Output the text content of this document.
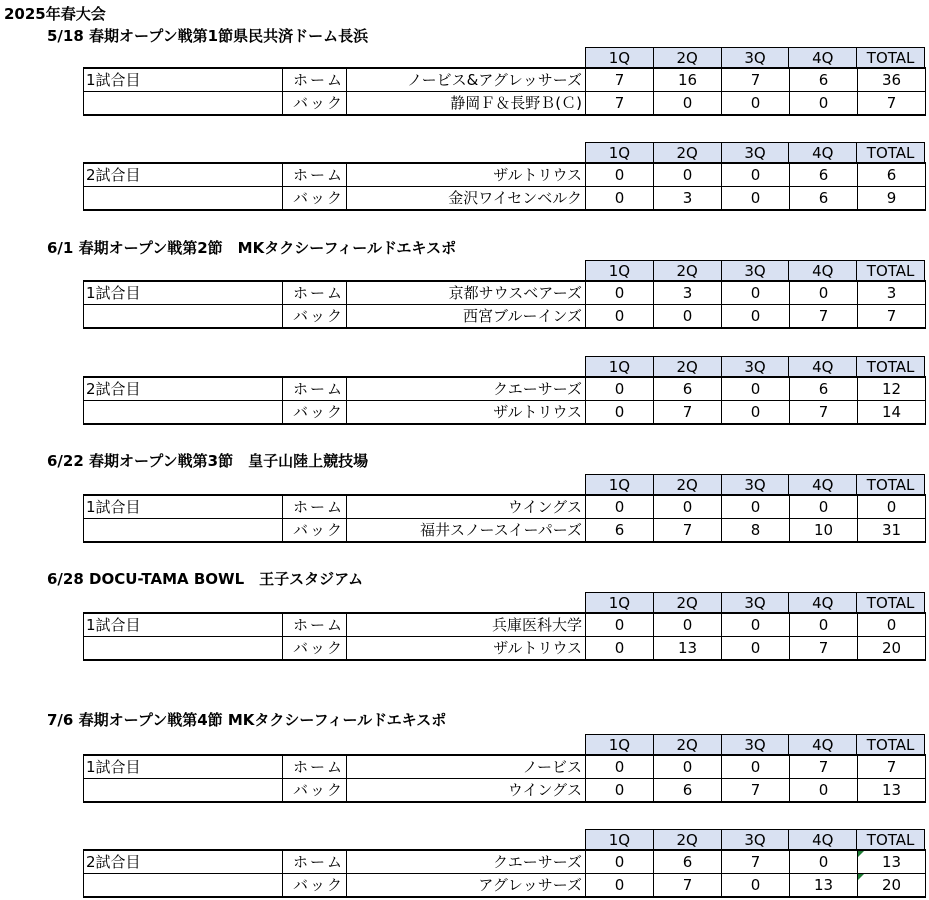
2025年春大会
5/18 春期オープン戦第1節県民共済ドーム長浜
1Q	2Q	3Q	4Q	TOTAL
1試合目	ホーム	ノービス&アグレッサーズ	7	16	7	6	36
	バック	静岡Ｆ＆長野Ｂ(Ｃ)	7	0	0	0	7
1Q	2Q	3Q	4Q	TOTAL
2試合目	ホーム	ザルトリウス	0	0	0	6	6
	バック	金沢ワイセンベルク	0	3	0	6	9
6/1 春期オープン戦第2節　MKタクシーフィールドエキスポ
1Q	2Q	3Q	4Q	TOTAL
1試合目	ホーム	京都サウスベアーズ	0	3	0	0	3
	バック	西宮ブルーインズ	0	0	0	7	7
1Q	2Q	3Q	4Q	TOTAL
2試合目	ホーム	クエーサーズ	0	6	0	6	12
	バック	ザルトリウス	0	7	0	7	14
6/22 春期オープン戦第3節　皇子山陸上競技場
1Q	2Q	3Q	4Q	TOTAL
1試合目	ホーム	ウイングス	0	0	0	0	0
	バック	福井スノースイーパーズ	6	7	8	10	31
6/28 DOCU-TAMA BOWL　王子スタジアム
1Q	2Q	3Q	4Q	TOTAL
1試合目	ホーム	兵庫医科大学	0	0	0	0	0
	バック	ザルトリウス	0	13	0	7	20
7/6 春期オープン戦第4節 MKタクシーフィールドエキスポ
1Q	2Q	3Q	4Q	TOTAL
1試合目	ホーム	ノービス	0	0	0	7	7
	バック	ウイングス	0	6	7	0	13
1Q	2Q	3Q	4Q	TOTAL
2試合目	ホーム	クエーサーズ	0	6	7	0	13
	バック	アグレッサーズ	0	7	0	13	20
